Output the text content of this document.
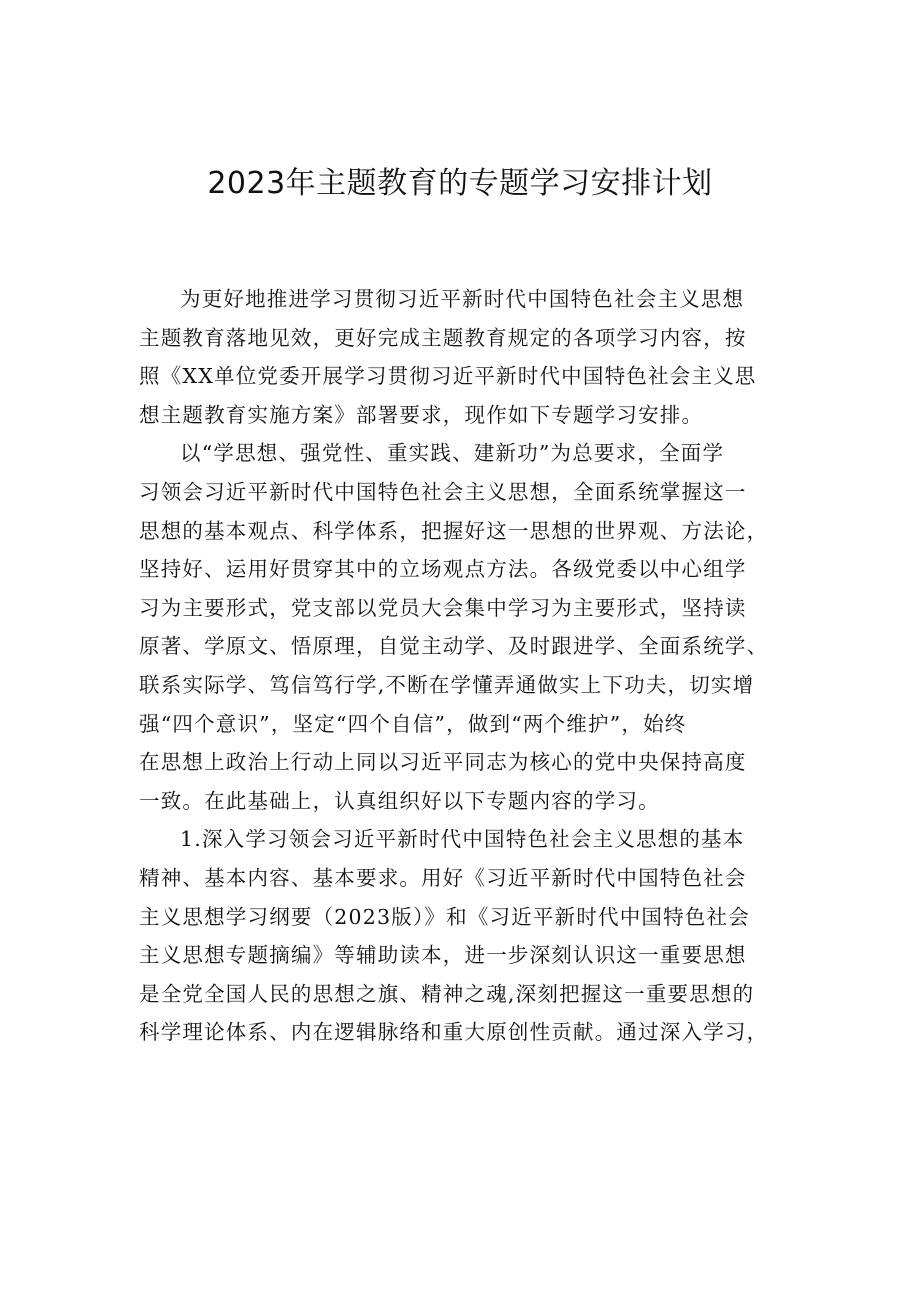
2023年主题教育的专题学习安排计划
为更好地推进学习贯彻习近平新时代中国特色社会主义思想
主题教育落地见效，更好完成主题教育规定的各项学习内容，按
照《XX单位党委开展学习贯彻习近平新时代中国特色社会主义思
想主题教育实施方案》部署要求，现作如下专题学习安排。
以“学思想、强党性、重实践、建新功”为总要求，全面学
习领会习近平新时代中国特色社会主义思想，全面系统掌握这一
思想的基本观点、科学体系，把握好这一思想的世界观、方法论，
坚持好、运用好贯穿其中的立场观点方法。各级党委以中心组学
习为主要形式，党支部以党员大会集中学习为主要形式，坚持读
原著、学原文、悟原理，自觉主动学、及时跟进学、全面系统学、
联系实际学、笃信笃行学,不断在学懂弄通做实上下功夫，切实增
强“四个意识”，坚定“四个自信”，做到“两个维护”，始终
在思想上政治上行动上同以习近平同志为核心的党中央保持高度
一致。在此基础上，认真组织好以下专题内容的学习。
1.深入学习领会习近平新时代中国特色社会主义思想的基本
精神、基本内容、基本要求。用好《习近平新时代中国特色社会
主义思想学习纲要（2023版）》和《习近平新时代中国特色社会
主义思想专题摘编》等辅助读本，进一步深刻认识这一重要思想
是全党全国人民的思想之旗、精神之魂,深刻把握这一重要思想的
科学理论体系、内在逻辑脉络和重大原创性贡献。通过深入学习，
